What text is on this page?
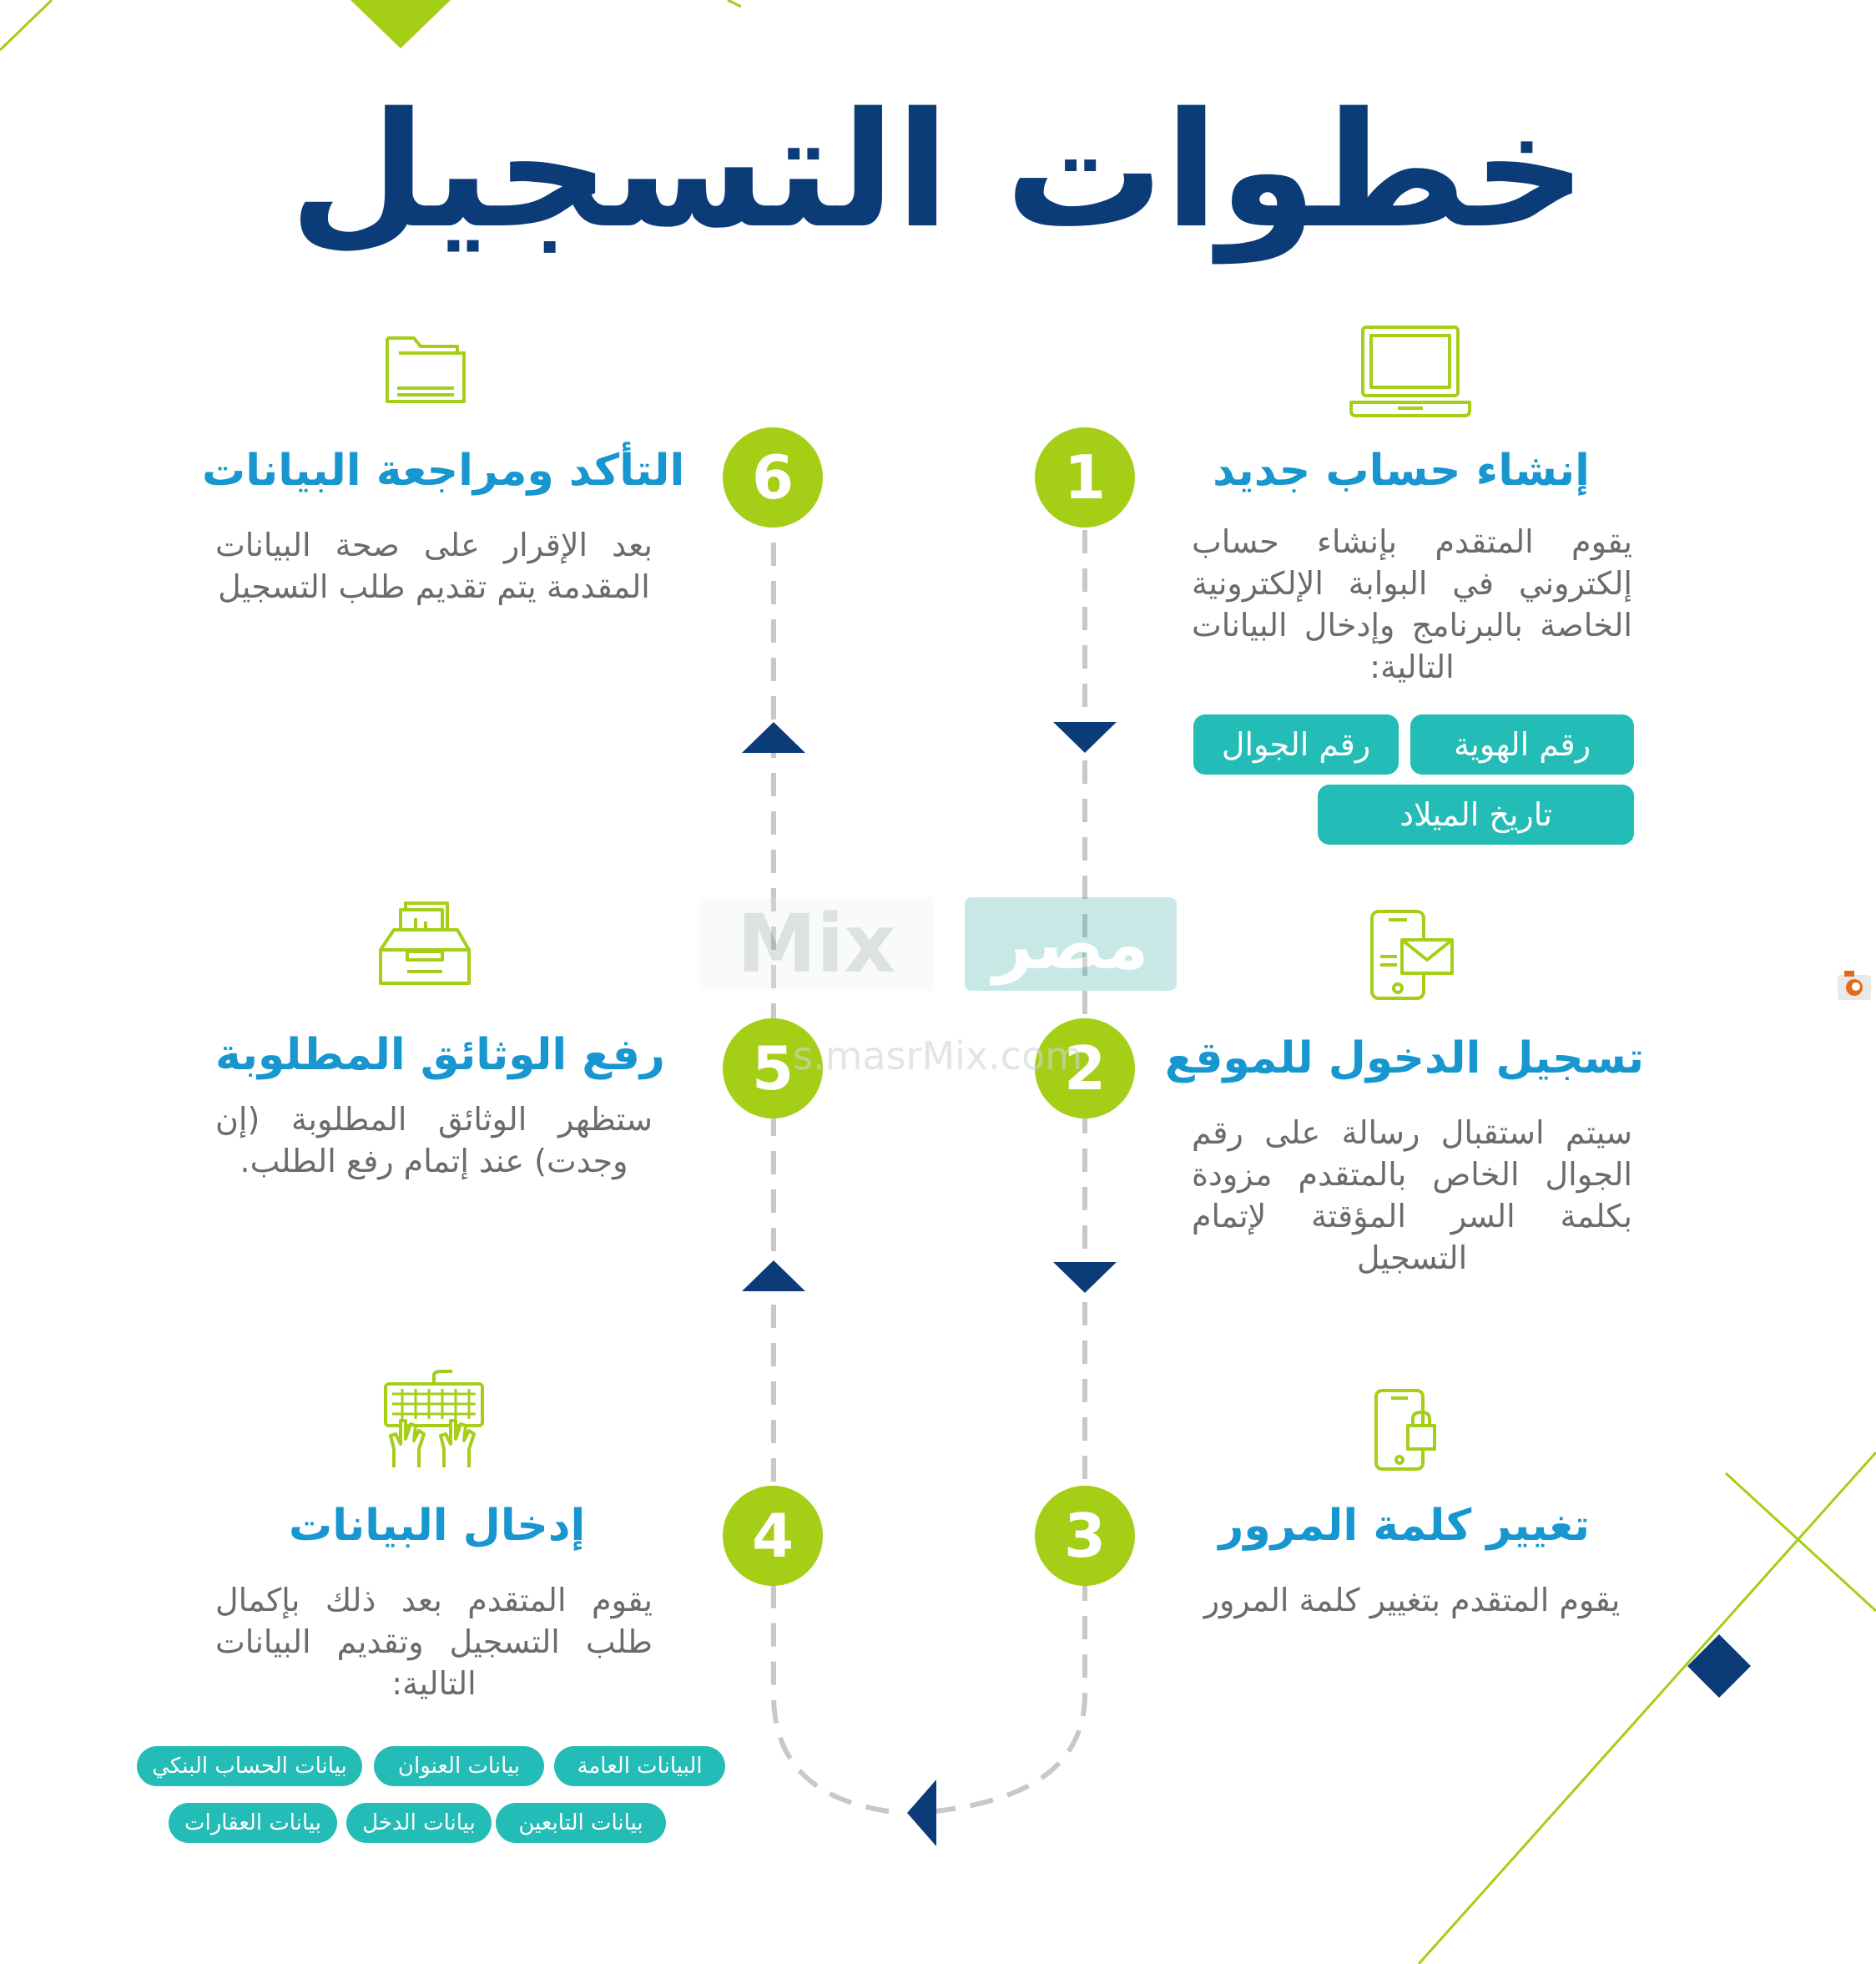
خطوات التسجيل
1	إنشاء حساب جديد
يقوم المتقدم بإنشاء حساب إلكتروني في البوابة الإلكترونية الخاصة بالبرنامج وإدخال البيانات التالية:
رقم الهوية
رقم الجوال
تاريخ الميلاد
2	تسجيل الدخول للموقع
سيتم استقبال رسالة على رقم الجوال الخاص بالمتقدم مزودة بكلمة السر المؤقتة لإتمام التسجيل
3	تغيير كلمة المرور
يقوم المتقدم بتغيير كلمة المرور
4
إدخال البيانات
يقوم المتقدم بعد ذلك بإكمال طلب التسجيل وتقديم البيانات التالية:
البيانات العامة
بيانات العنوان
بيانات الحساب البنكي
بيانات التابعين
بيانات الدخل
بيانات العقارات
5
رفع الوثائق المطلوبة
ستظهر الوثائق المطلوبة (إن وجدت) عند إتمام رفع الطلب.
6
التأكد ومراجعة البيانات
بعد الإقرار على صحة البيانات المقدمة يتم تقديم طلب التسجيل
Mix	مصر
s.masrMix.com
